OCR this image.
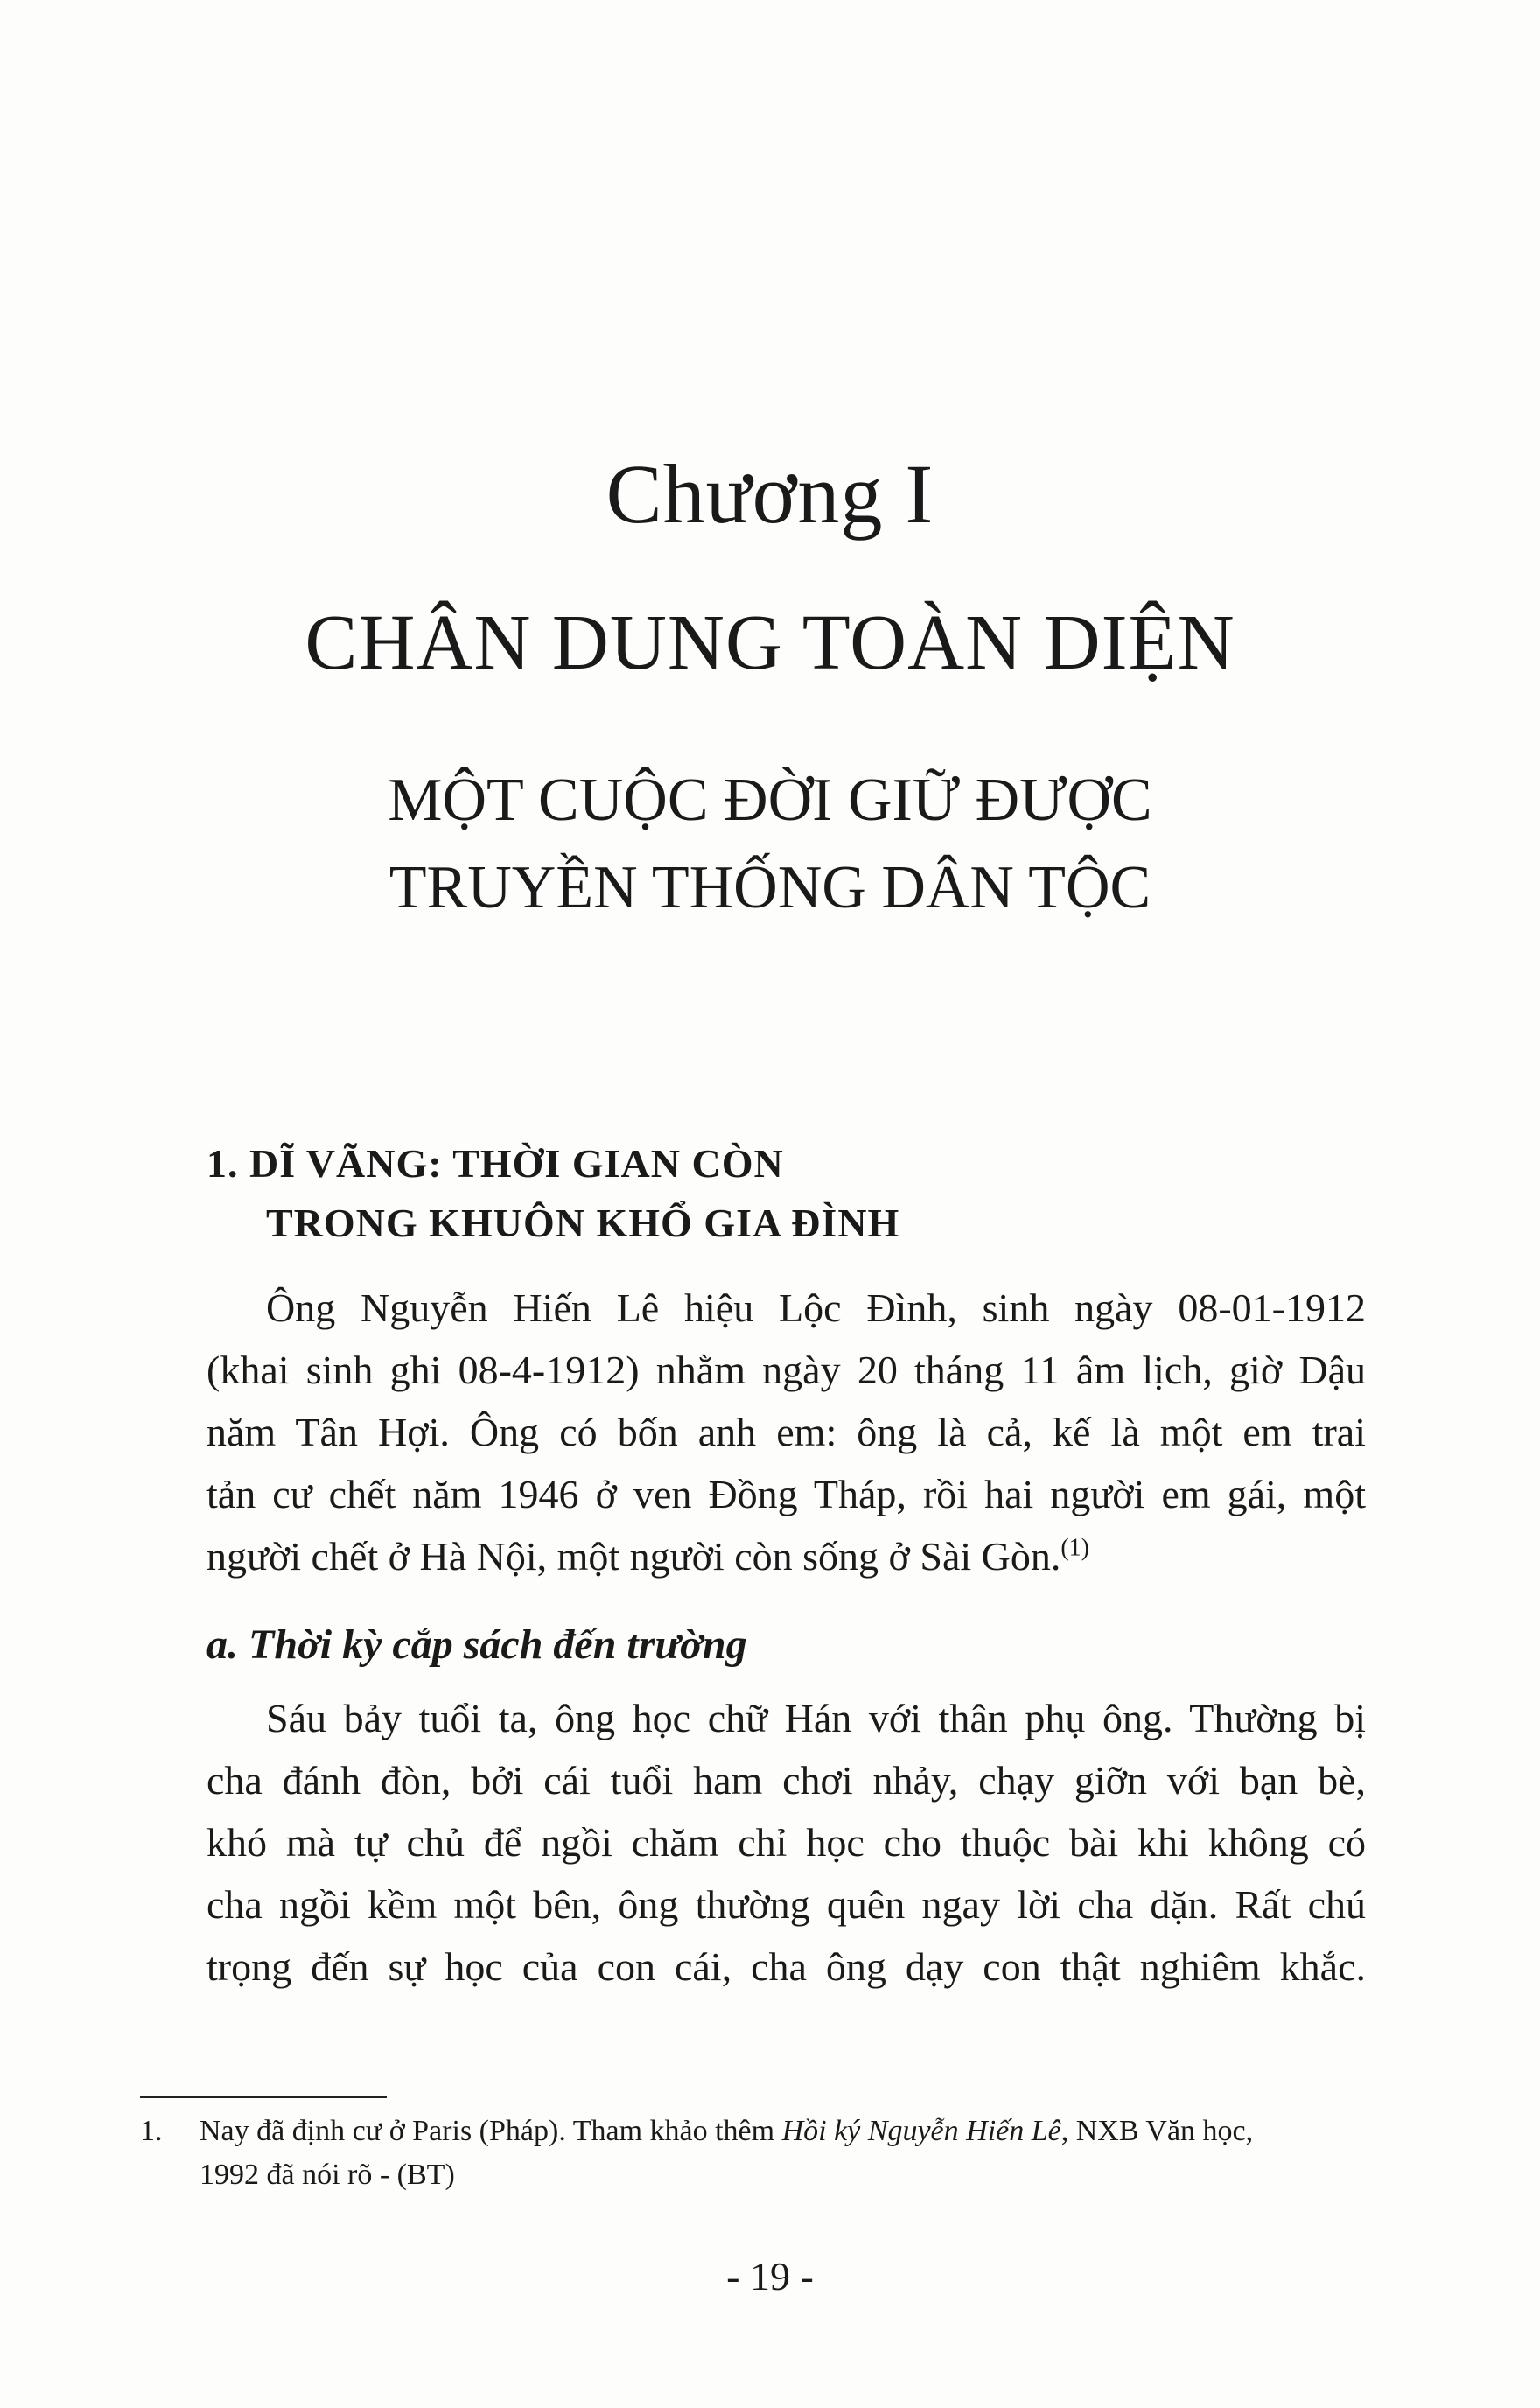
Chương I
CHÂN DUNG TOÀN DIỆN
MỘT CUỘC ĐỜI GIỮ ĐƯỢC
TRUYỀN THỐNG DÂN TỘC
1. DĨ VÃNG: THỜI GIAN CÒN
TRONG KHUÔN KHỔ GIA ĐÌNH
Ông Nguyễn Hiến Lê hiệu Lộc Đình, sinh ngày 08-01-1912
(khai sinh ghi 08-4-1912) nhằm ngày 20 tháng 11 âm lịch, giờ Dậu
năm Tân Hợi. Ông có bốn anh em: ông là cả, kế là một em trai
tản cư chết năm 1946 ở ven Đồng Tháp, rồi hai người em gái, một
người chết ở Hà Nội, một người còn sống ở Sài Gòn.$^{(1)}$
a. Thời kỳ cắp sách đến trường
Sáu bảy tuổi ta, ông học chữ Hán với thân phụ ông. Thường bị
cha đánh đòn, bởi cái tuổi ham chơi nhảy, chạy giỡn với bạn bè,
khó mà tự chủ để ngồi chăm chỉ học cho thuộc bài khi không có
cha ngồi kềm một bên, ông thường quên ngay lời cha dặn. Rất chú
trọng đến sự học của con cái, cha ông dạy con thật nghiêm khắc.
1. Nay đã định cư ở Paris (Pháp). Tham khảo thêm Hồi ký Nguyễn Hiến Lê, NXB Văn học,
1992 đã nói rõ - (BT)
- 19 -
